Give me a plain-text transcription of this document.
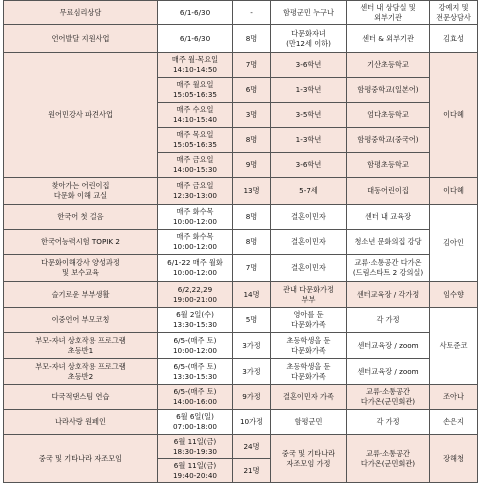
무료심리상담	6/1-6/30	-	함평군민 누구나	센터 내 상담실 및
외부기관	강예지 및
전문상담사
언어발달 지원사업	6/1-6/30	8명	다문화자녀
(만12세 이하)	센터 & 외부기관	김효성
원어민강사 파견사업	매주 월·목요일
14:10-14:50	7명	3-6학년	기산초등학교	이다혜
	매주 월요일
15:05-16:35	6명	1-3학년	함평중학교(일본어)	
	매주 수요일
14:10-15:40	3명	3-5학년	엄다초등학교	
	매주 목요일
15:05-16:35	8명	1-3학년	함평중학교(중국어)	
	매주 금요일
14:00-15:30	9명	3-6학년	함평초등학교	
찾아가는 어린이집
다문화 이해 교실	매주 금요일
12:30-13:00	13명	5-7세	대동어린이집	이다혜
한국어 첫 걸음	매주 화수목
10:00-12:00	8명	결혼이민자	센터 내 교육장	김아인
한국어능력시험 TOPIK 2	매주 화수목
10:00-12:00	8명	결혼이민자	청소년 문화의집 강당	
다문화이해강사 양성과정
및 보수교육	6/1-22 매주 월화
10:00-12:00	7명	결혼이민자	교류·소통공간 다가온
(드림스타트 2 강의실)	
슬기로운 부부생활	6/2,22,29
19:00-21:00	14명	관내 다문화가정
부부	센터교육장 / 각가정	임수향
이중언어 부모코칭	6월 2일(수)
13:30-15:30	5명	영아를 둔
다문화가족	각 가정	사토준코
부모-자녀 상호작용 프로그램
초등반1	6/5-(매주 토)
10:00-12:00	3가정	초등학생을 둔
다문화가족	센터교육장 / zoom	
부모-자녀 상호작용 프로그램
초등반2	6/5-(매주 토)
13:30-15:30	3가정	초등학생을 둔
다문화가족	센터교육장 / zoom	
다국적댄스팀 연습	6/5-(매주 토)
14:00-16:00	9가정	결혼이민자 가족	교류·소통공간
다가온(군민회관)	조아나
나라사랑 원페인	6월 6일(일)
07:00-18:00	10가정	함평군민	각 가정	손은지
중국 및 기타나라 자조모임	6월 11일(금)
18:30-19:30	24명	중국 및 기타나라
자조모임 가정	교류·소통공간
다가온(군민회관)	장해청
	6월 11일(금)
19:40-20:40	21명			
